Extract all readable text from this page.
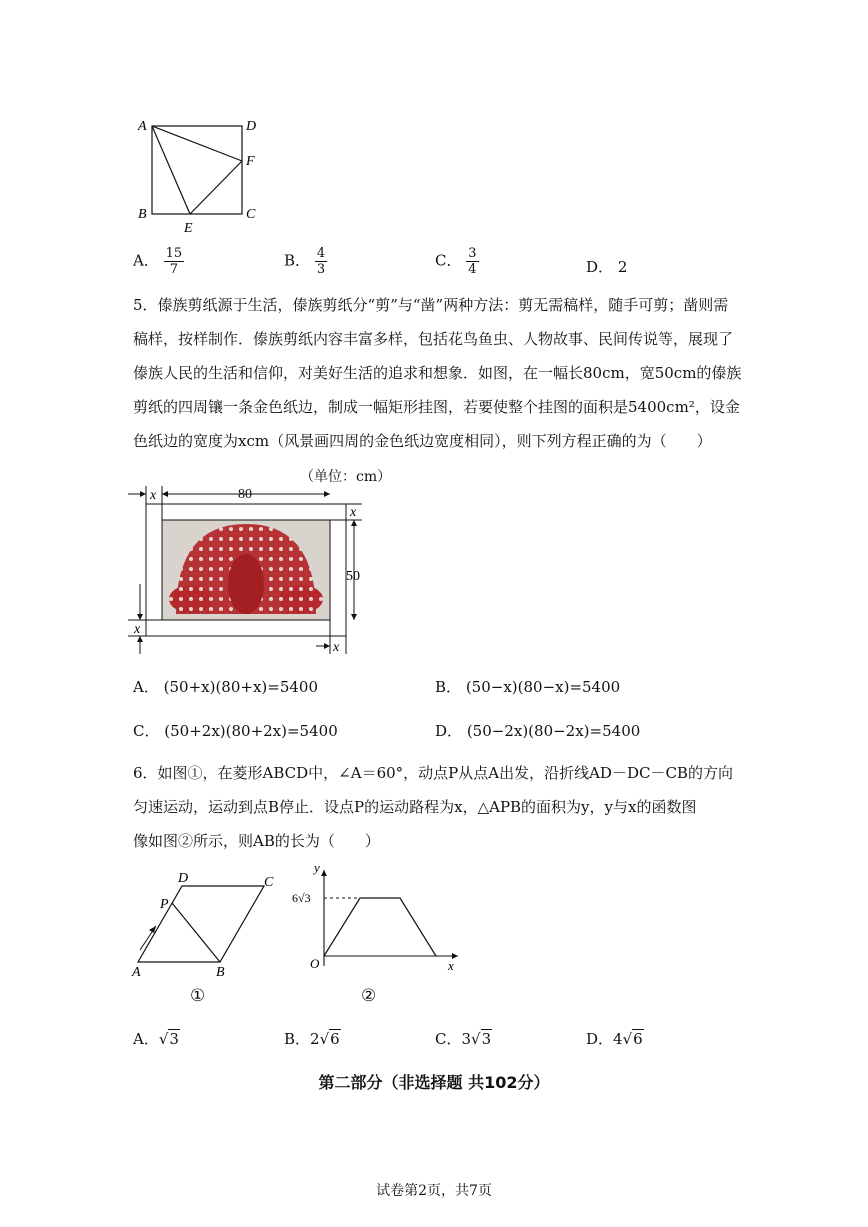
A	D
F
B	C
E
A． $\frac{15}{7}$	B． $\frac{4}{3}$	C． $\frac{3}{4}$	D． 2
5．傣族剪纸源于生活，傣族剪纸分“剪”与“凿”两种方法：剪无需稿样，随手可剪；凿则需
稿样，按样制作．傣族剪纸内容丰富多样，包括花鸟鱼虫、人物故事、民间传说等，展现了
傣族人民的生活和信仰，对美好生活的追求和想象．如图，在一幅长80cm，宽50cm的傣族
剪纸的四周镶一条金色纸边，制成一幅矩形挂图，若要使整个挂图的面积是5400cm²，设金
色纸边的宽度为xcm（风景画四周的金色纸边宽度相同），则下列方程正确的为（　　）
（单位：cm）
80
x
50
x
x
x
A． (50+x)(80+x)=5400	B． (50−x)(80−x)=5400
C． (50+2x)(80+2x)=5400	D． (50−2x)(80−2x)=5400
6．如图①，在菱形ABCD中，∠A＝60°，动点P从点A出发，沿折线AD－DC－CB的方向
匀速运动，运动到点B停止．设点P的运动路程为x，△APB的面积为y，y与x的函数图
像如图②所示，则AB的长为（　　）
A	B
C
D
P
①
y
x
O
6√3
②
A．√3	B．2√6	C．3√3	D．4√6
第二部分（非选择题 共102分）
试卷第2页，共7页
